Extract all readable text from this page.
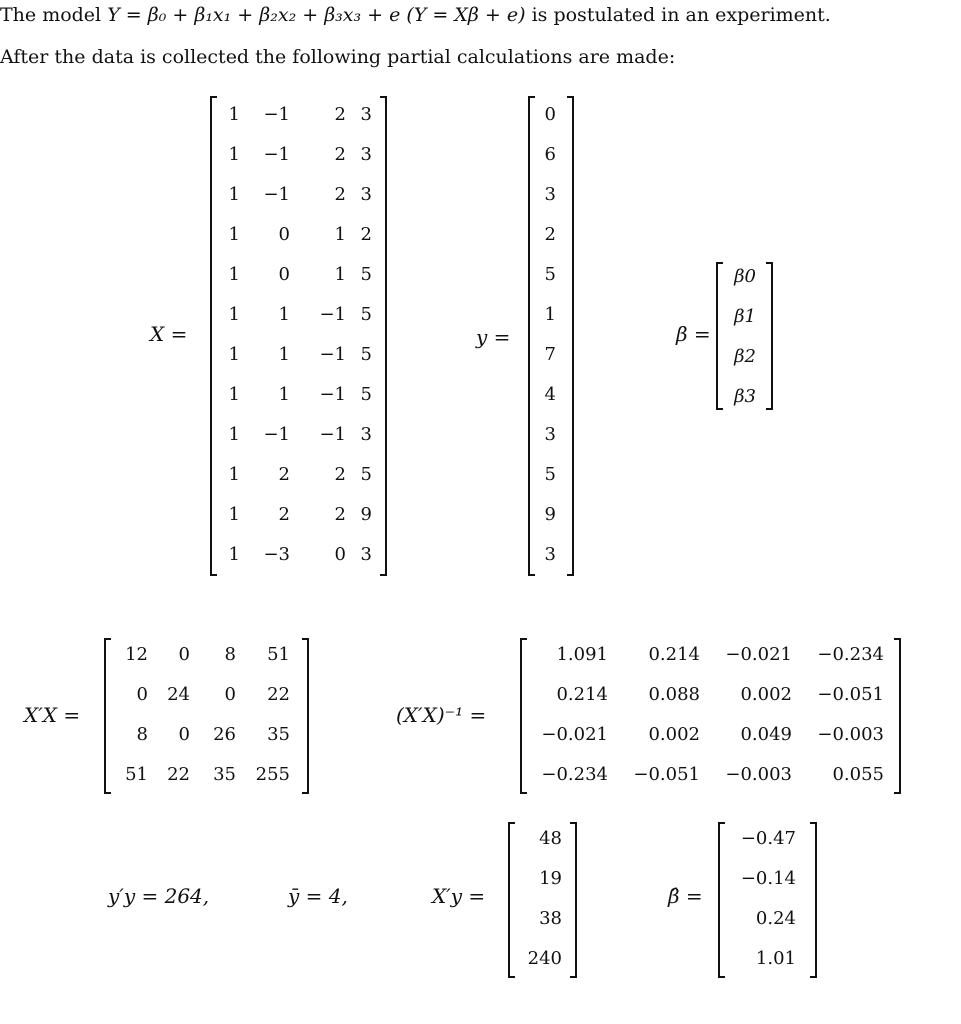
The model Y = β₀ + β₁x₁ + β₂x₂ + β₃x₃ + e (Y = Xβ + e) is postulated in an experiment.
After the data is collected the following partial calculations are made:
X =
1 −1 2 3
1 −1 2 3
1 −1 2 3
1 0 1 2
1 0 1 5
1 1 −1 5
1 1 −1 5
1 1 −1 5
1 −1 −1 3
1 2 2 5
1 2 2 9
1 −3 0 3
y =
0
6
3
2
5
1
7
4
3
5
9
3
β =
β0
β1
β2
β3
X′X =
12 0 8 51
0 24 0 22
8 0 26 35
51 22 35 255
(X′X)⁻¹ =
1.091 0.214 −0.021 −0.234
0.214 0.088 0.002 −0.051
−0.021 0.002 0.049 −0.003
−0.234 −0.051 −0.003 0.055
y′y = 264,	ȳ = 4,	X′y =
48
19
38
240
β̂ =
−0.47
−0.14
0.24
1.01
